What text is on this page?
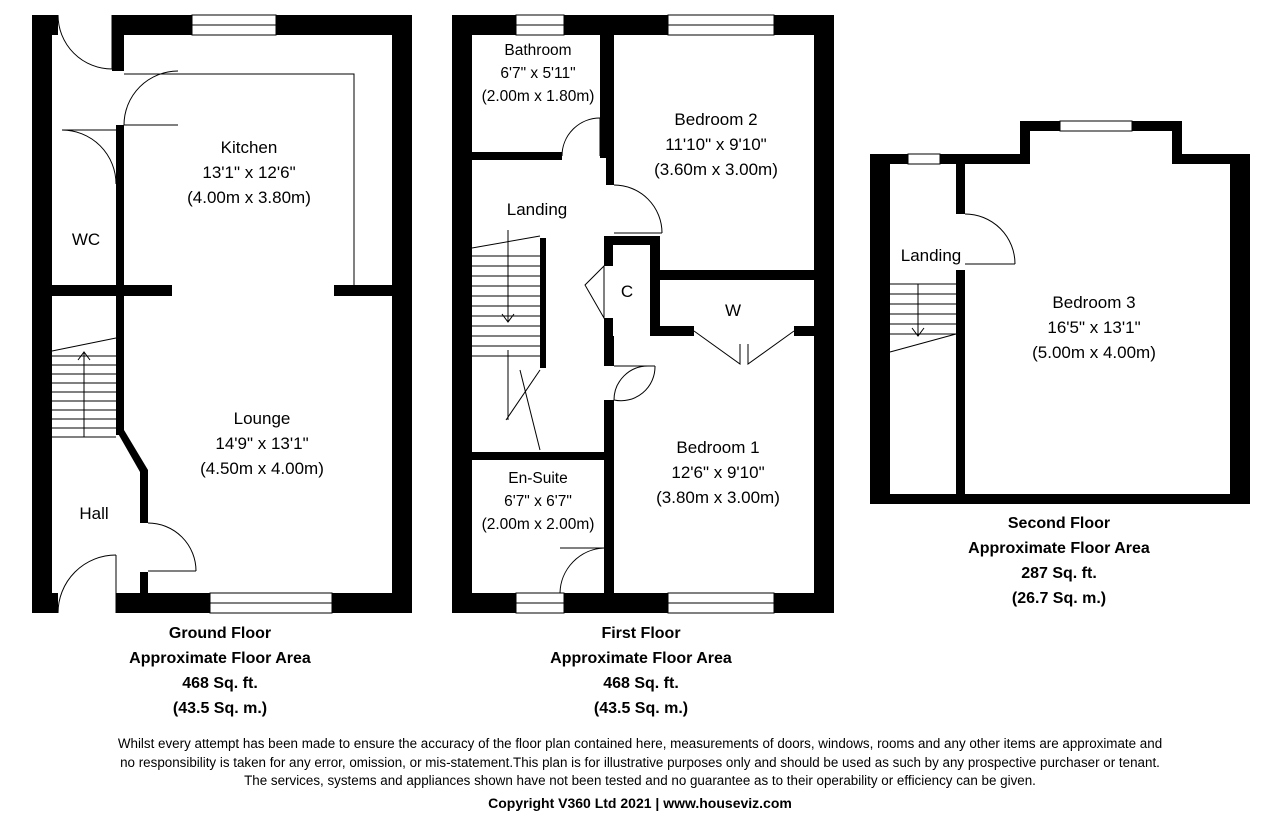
Kitchen
13'1" x 12'6"
(4.00m x 3.80m)
WC
Lounge
14'9" x 13'1"
(4.50m x 4.00m)
Hall
Ground Floor
Approximate Floor Area
468 Sq. ft.
(43.5 Sq. m.)
Bathroom
6'7" x 5'11"
(2.00m x 1.80m)
Bedroom 2
11'10" x 9'10"
(3.60m x 3.00m)
Landing
C
W
Bedroom 1
12'6" x 9'10"
(3.80m x 3.00m)
En-Suite
6'7" x 6'7"
(2.00m x 2.00m)
First Floor
Approximate Floor Area
468 Sq. ft.
(43.5 Sq. m.)
Landing
Bedroom 3
16'5" x 13'1"
(5.00m x 4.00m)
Second Floor
Approximate Floor Area
287 Sq. ft.
(26.7 Sq. m.)
Whilst every attempt has been made to ensure the accuracy of the floor plan contained here, measurements of doors, windows, rooms and any other items are approximate and
no responsibility is taken for any error, omission, or mis-statement.This plan is for illustrative purposes only and should be used as such by any prospective purchaser or tenant.
The services, systems and appliances shown have not been tested and no guarantee as to their operability or efficiency can be given.
Copyright V360 Ltd 2021 | www.houseviz.com
